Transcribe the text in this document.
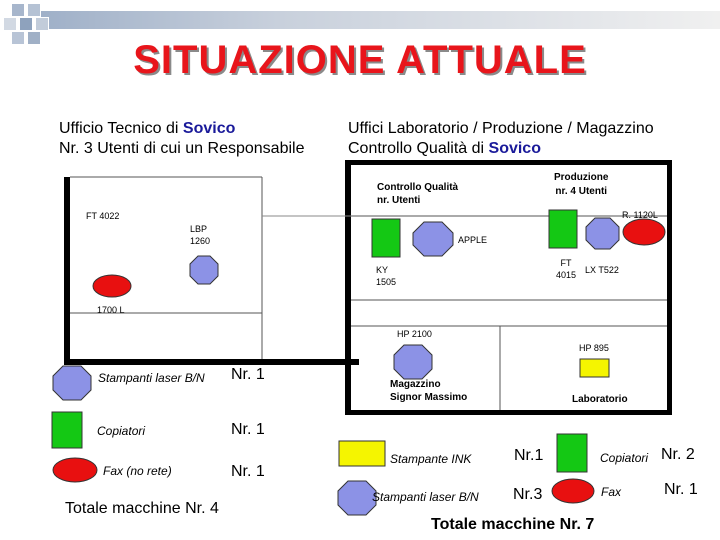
SITUAZIONE ATTUALE
Ufficio Tecnico di Sovico
Nr. 3 Utenti di cui un Responsabile
Uffici Laboratorio / Produzione / Magazzino
Controllo Qualità di Sovico
Controllo Qualità
nr. Utenti
Produzione
nr. 4 Utenti
FT 4022
LBP
1260
R. 1120L
APPLE
KY
1505
FT
4015 LX T522
1700 L
HP 2100
HP 895
Magazzino
Signor Massimo	Laboratorio
Stampanti laser B/N Nr. 1
Copiatori	Nr. 1
Fax (no rete)	Nr. 1
Totale macchine Nr. 4
Stampante INK	Nr.1
Stampanti laser B/N Nr.3
Copiatori Nr. 2
Fax	Nr. 1
Totale macchine Nr. 7
